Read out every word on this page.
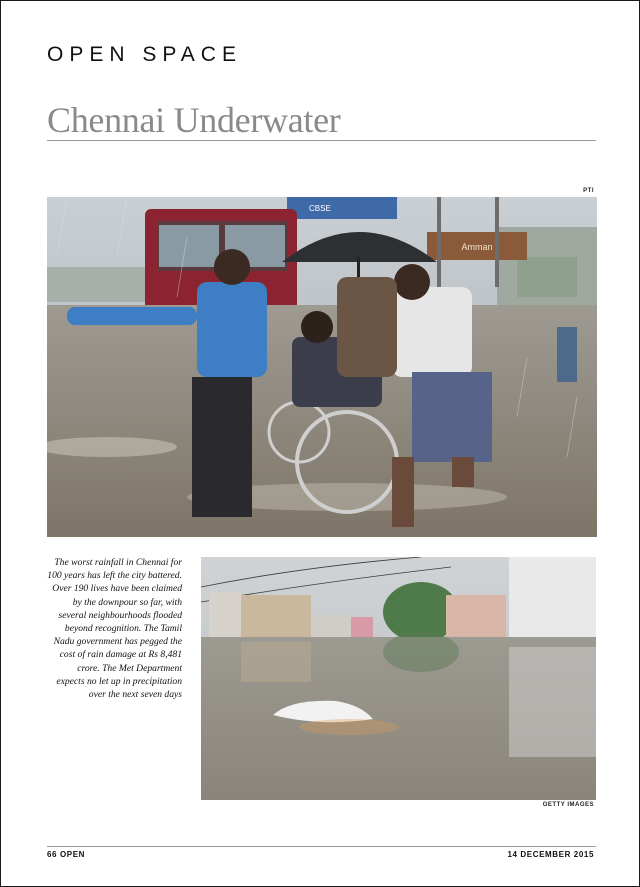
OPEN SPACE
Chennai Underwater
PTI
Amman
CBSE
The worst rainfall in Chennai for 100 years has left the city battered. Over 190 lives have been claimed by the downpour so far, with several neighbourhoods flooded beyond recognition. The Tamil Nadu government has pegged the cost of rain damage at Rs 8,481 crore. The Met Department expects no let up in precipitation over the next seven days
GETTY IMAGES
66 OPEN	14 DECEMBER 2015
